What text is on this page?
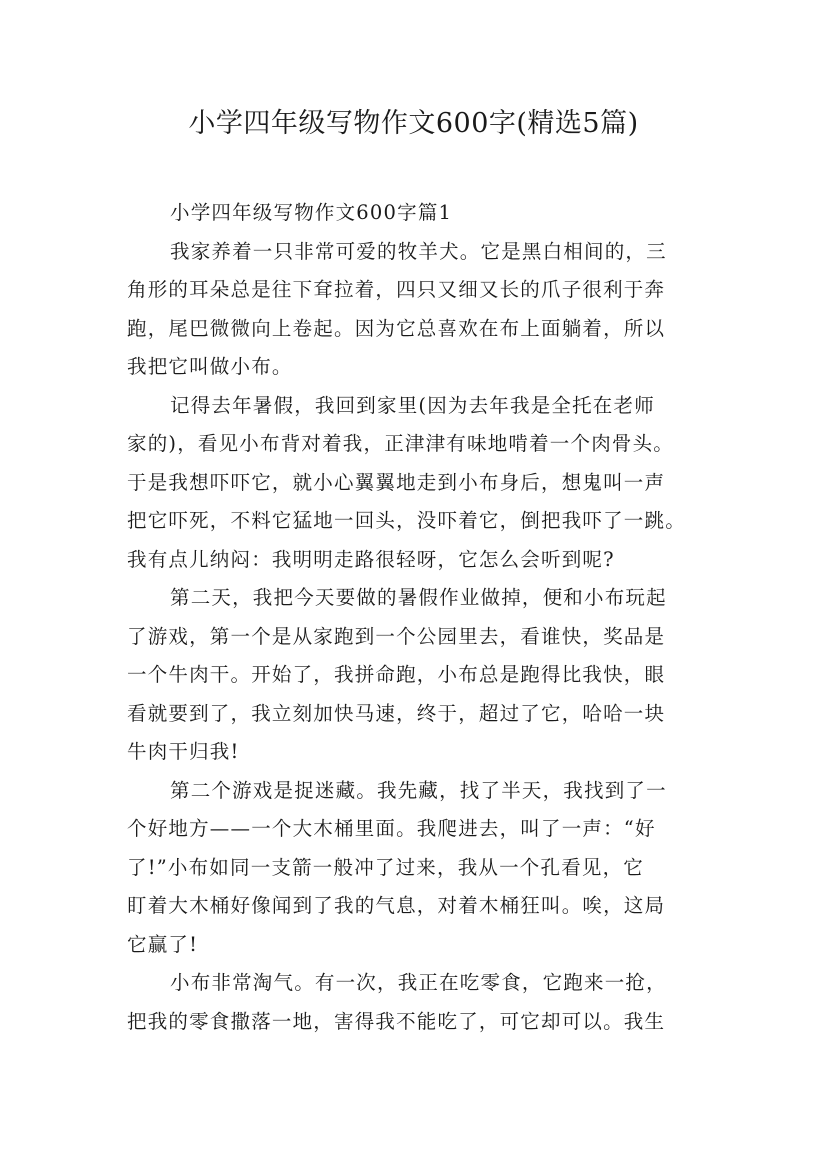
小学四年级写物作文600字(精选5篇)
小学四年级写物作文600字篇1
我家养着一只非常可爱的牧羊犬。它是黑白相间的，三
角形的耳朵总是往下耷拉着，四只又细又长的爪子很利于奔
跑，尾巴微微向上卷起。因为它总喜欢在布上面躺着，所以
我把它叫做小布。
记得去年暑假，我回到家里(因为去年我是全托在老师
家的)，看见小布背对着我，正津津有味地啃着一个肉骨头。
于是我想吓吓它，就小心翼翼地走到小布身后，想鬼叫一声
把它吓死，不料它猛地一回头，没吓着它，倒把我吓了一跳。
我有点儿纳闷：我明明走路很轻呀，它怎么会听到呢?
第二天，我把今天要做的暑假作业做掉，便和小布玩起
了游戏，第一个是从家跑到一个公园里去，看谁快，奖品是
一个牛肉干。开始了，我拼命跑，小布总是跑得比我快，眼
看就要到了，我立刻加快马速，终于，超过了它，哈哈一块
牛肉干归我!
第二个游戏是捉迷藏。我先藏，找了半天，我找到了一
个好地方——一个大木桶里面。我爬进去，叫了一声：“好
了!”小布如同一支箭一般冲了过来，我从一个孔看见，它
盯着大木桶好像闻到了我的气息，对着木桶狂叫。唉，这局
它赢了!
小布非常淘气。有一次，我正在吃零食，它跑来一抢，
把我的零食撒落一地，害得我不能吃了，可它却可以。我生
